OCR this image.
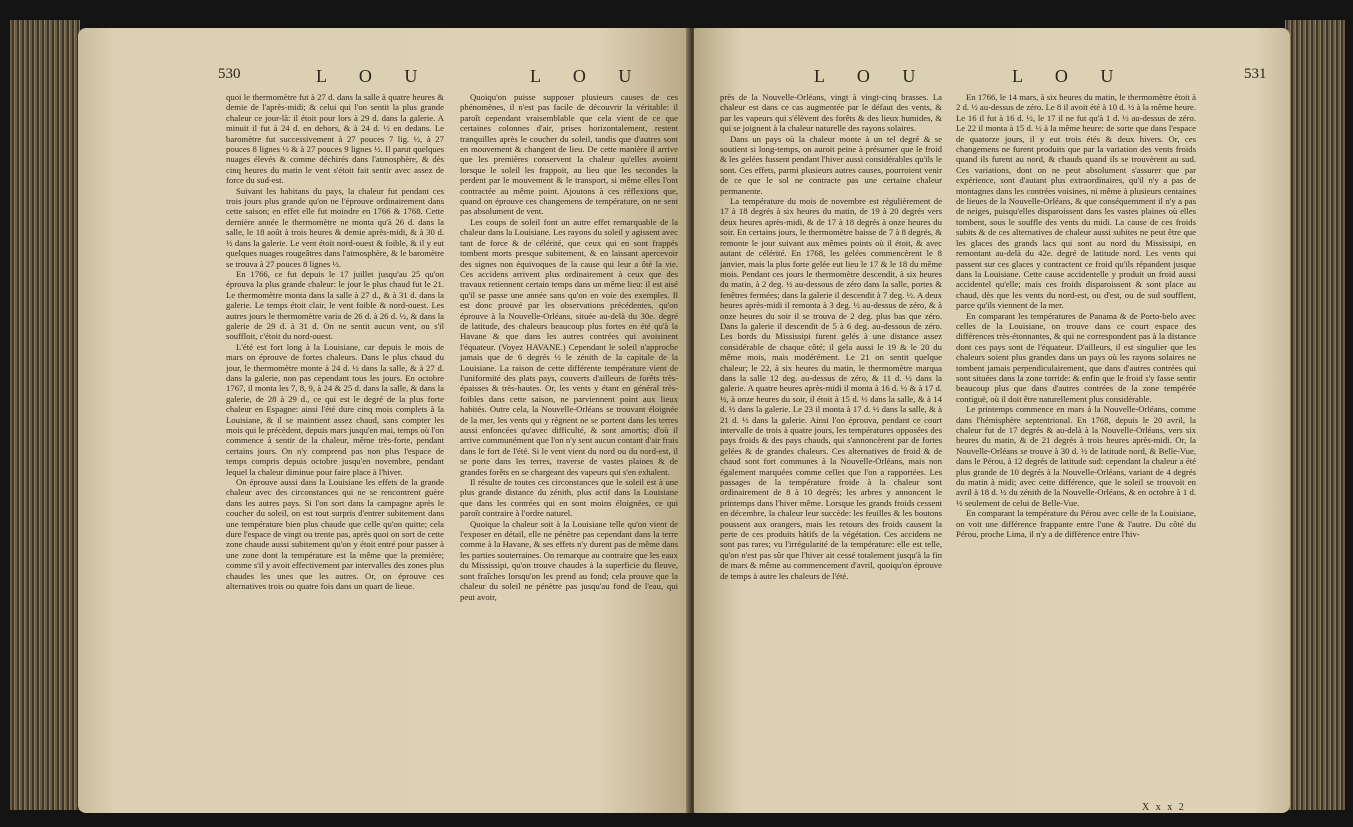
530	L O U	L O U

quoi le thermomètre fut à 27 d. dans la salle à quatre heures & demie de l'après-midi; & celui qui l'on sentit la plus grande chaleur ce jour-là: il étoit pour lors à 29 d. dans la galerie. A minuit il fut à 24 d. en dehors, & à 24 d. ½ en dedans. Le baromètre fut successivement à 27 pouces 7 lig. ½, à 27 pouces 8 lignes ½ & à 27 pouces 9 lignes ½. Il parut quelques nuages élevés & comme déchirés dans l'atmosphère, & dès cinq heures du matin le vent s'étoit fait sentir avec assez de force du sud-est.

Suivant les habitans du pays, la chaleur fut pendant ces trois jours plus grande qu'on ne l'éprouve ordinairement dans cette saison; en effet elle fut moindre en 1766 & 1768. Cette dernière année le thermomètre ne monta qu'à 26 d. dans la salle, le 18 août à trois heures & demie après-midi, & à 30 d. ½ dans la galerie. Le vent étoit nord-ouest & foible, & il y eut quelques nuages rougeâtres dans l'atmosphère, & le baromètre se trouva à 27 pouces 8 lignes ½.

En 1766, ce fut depuis le 17 juillet jusqu'au 25 qu'on éprouva la plus grande chaleur: le jour le plus chaud fut le 21. Le thermomètre monta dans la salle à 27 d., & à 31 d. dans la galerie. Le temps étoit clair, le vent foible & nord-ouest. Les autres jours le thermomètre varia de 26 d. à 26 d. ½, & dans la galerie de 29 d. à 31 d. On ne sentit aucun vent, ou s'il souffloit, c'étoit du nord-ouest.

L'été est fort long à la Louisiane, car depuis le mois de mars on éprouve de fortes chaleurs. Dans le plus chaud du jour, le thermomètre monte à 24 d. ½ dans la salle, & à 27 d. dans la galerie, non pas cependant tous les jours. En octobre 1767, il monta les 7, 8, 9, à 24 & 25 d. dans la salle, & dans la galerie, de 28 à 29 d., ce qui est le degré de la plus forte chaleur en Espagne: ainsi l'été dure cinq mois complets à la Louisiane, & il se maintient assez chaud, sans compter les mois qui le précèdent, depuis mars jusqu'en mai, temps où l'on commence à sentir de la chaleur, même très-forte, pendant certains jours. On n'y comprend pas non plus l'espace de temps compris depuis octobre jusqu'en novembre, pendant lequel la chaleur diminue pour faire place à l'hiver.

On éprouve aussi dans la Louisiane les effets de la grande chaleur avec des circonstances qui ne se rencontrent guère dans les autres pays. Si l'on sort dans la campagne après le coucher du soleil, on est tout surpris d'entrer subitement dans une température bien plus chaude que celle qu'on quitte; cela dure l'espace de vingt ou trente pas, après quoi on sort de cette zone chaude aussi subitement qu'on y étoit entré pour passer à une zone dont la température est la même que la première; comme s'il y avoit effectivement par intervalles des zones plus chaudes les unes que les autres. Or, on éprouve ces alternatives trois ou quatre fois dans un quart de lieue.

Quoiqu'on puisse supposer plusieurs causes de ces phénomènes, il n'est pas facile de découvrir la véritable: il paroît cependant vraisemblable que cela vient de ce que certaines colonnes d'air, prises horizontalement, restent tranquilles après le coucher du soleil, tandis que d'autres sont en mouvement & changent de lieu. De cette manière il arrive que les premières conservent la chaleur qu'elles avoient lorsque le soleil les frappoit, au lieu que les secondes la perdent par le mouvement & le transport, si même elles l'ont contractée au même point. Ajoutons à ces réflexions que, quand on éprouve ces changemens de température, on ne sent pas absolument de vent.

Les coups de soleil font un autre effet remarquable de la chaleur dans la Louisiane. Les rayons du soleil y agissent avec tant de force & de célérité, que ceux qui en sont frappés tombent morts presque subitement, & en laissant apercevoir des signes non équivoques de la cause qui leur a ôté la vie. Ces accidens arrivent plus ordinairement à ceux que des travaux retiennent certain temps dans un même lieu: il est aisé qu'il se passe une année sans qu'on en voie des exemples. Il est donc prouvé par les observations précédentes, qu'on éprouve à la Nouvelle-Orléans, située au-delà du 30e. degré de latitude, des chaleurs beaucoup plus fortes en été qu'à la Havane & que dans les autres contrées qui avoisinent l'équateur. (Voyez HAVANE.) Cependant le soleil n'approche jamais que de 6 degrés ½ le zénith de la capitale de la Louisiane. La raison de cette différente température vient de l'uniformité des plats pays, couverts d'ailleurs de forêts très-épaisses & très-hautes. Or, les vents y étant en général très-foibles dans cette saison, ne parviennent point aux lieux habités. Outre cela, la Nouvelle-Orléans se trouvant éloignée de la mer, les vents qui y règnent ne se portent dans les terres aussi enfoncées qu'avec difficulté, & sont amortis; d'où il arrive communément que l'on n'y sent aucun contant d'air frais dans le fort de l'été. Si le vent vient du nord ou du nord-est, il se porte dans les terres, traverse de vastes plaines & de grandes forêts en se chargeant des vapeurs qui s'en exhalent.

Il résulte de toutes ces circonstances que le soleil est à une plus grande distance du zénith, plus actif dans la Louisiane que dans les contrées qui en sont moins éloignées, ce qui paroît contraire à l'ordre naturel.

Quoique la chaleur soit à la Louisiane telle qu'on vient de l'exposer en détail, elle ne pénètre pas cependant dans la terre comme à la Havane, & ses effets n'y durent pas de même dans les parties souterraines. On remarque au contraire que les eaux du Mississipi, qu'on trouve chaudes à la superficie du fleuve, sont fraîches lorsqu'on les prend au fond; cela prouve que la chaleur du soleil ne pénètre pas jusqu'au fond de l'eau, qui peut avoir,

L O U	L O U	531

près de la Nouvelle-Orléans, vingt à vingt-cinq brasses. La chaleur est dans ce cas augmentée par le défaut des vents, & par les vapeurs qui s'élèvent des forêts & des lieux humides, & qui se joignent à la chaleur naturelle des rayons solaires.

Dans un pays où la chaleur monte à un tel degré & se soutient si long-temps, on auroit peine à présumer que le froid & les gelées fussent pendant l'hiver aussi considérables qu'ils le sont. Ces effets, parmi plusieurs autres causes, pourroient venir de ce que le sol ne contracte pas une certaine chaleur permanente.

La température du mois de novembre est régulièrement de 17 à 18 degrés à six heures du matin, de 19 à 20 degrés vers deux heures après-midi, & de 17 à 18 degrés à onze heures du soir. En certains jours, le thermomètre baisse de 7 à 8 degrés, & remonte le jour suivant aux mêmes points où il étoit, & avec autant de célérité. En 1768, les gelées commencèrent le 8 janvier, mais la plus forte gelée eut lieu le 17 & le 18 du même mois. Pendant ces jours le thermomètre descendit, à six heures du matin, à 2 deg. ½ au-dessous de zéro dans la salle, portes & fenêtres fermées; dans la galerie il descendit à 7 deg. ½. A deux heures après-midi il remonta à 3 deg. ½ au-dessus de zéro, & à onze heures du soir il se trouva de 2 deg. plus bas que zéro. Dans la galerie il descendit de 5 à 6 deg. au-dessous de zéro. Les bords du Mississipi furent gelés à une distance assez considérable de chaque côté; il gela aussi le 19 & le 20 du même mois, mais modérément. Le 21 on sentit quelque chaleur; le 22, à six heures du matin, le thermomètre marqua dans la salle 12 deg. au-dessus de zéro, & 11 d. ½ dans la galerie. A quatre heures après-midi il monta à 16 d. ½ & à 17 d. ½, à onze heures du soir, il étoit à 15 d. ½ dans la salle, & à 14 d. ½ dans la galerie. Le 23 il monta à 17 d. ½ dans la salle, & à 21 d. ½ dans la galerie. Ainsi l'on éprouva, pendant ce court intervalle de trois à quatre jours, les températures opposées des pays froids & des pays chauds, qui s'annoncèrent par de fortes gelées & de grandes chaleurs. Ces alternatives de froid & de chaud sont fort communes à la Nouvelle-Orléans, mais non également marquées comme celles que l'on a rapportées. Les passages de la température froide à la chaleur sont ordinairement de 8 à 10 degrés; les arbres y annoncent le printemps dans l'hiver même. Lorsque les grands froids cessent en décembre, la chaleur leur succède: les feuilles & les boutons poussent aux orangers, mais les retours des froids causent la perte de ces produits hâtifs de la végétation. Ces accidens ne sont pas rares; vu l'irrégularité de la température: elle est telle, qu'on n'est pas sûr que l'hiver ait cessé totalement jusqu'à la fin de mars & même au commencement d'avril, quoiqu'on éprouve de temps à autre les chaleurs de l'été.

En 1766, le 14 mars, à six heures du matin, le thermomètre étoit à 2 d. ½ au-dessus de zéro. Le 8 il avoit été à 10 d. ½ à la même heure. Le 16 il fut à 16 d. ½, le 17 il ne fut qu'à 1 d. ½ au-dessus de zéro. Le 22 il monta à 15 d. ½ à la même heure: de sorte que dans l'espace de quatorze jours, il y eut trois étés & deux hivers. Or, ces changemens ne furent produits que par la variation des vents froids quand ils furent au nord, & chauds quand ils se trouvèrent au sud. Ces variations, dont on ne peut absolument s'assurer que par expérience, sont d'autant plus extraordinaires, qu'il n'y a pas de montagnes dans les contrées voisines, ni même à plusieurs centaines de lieues de la Nouvelle-Orléans, & que conséquemment il n'y a pas de neiges, puisqu'elles disparoissent dans les vastes plaines où elles tombent, sous le souffle des vents du midi. La cause de ces froids subits & de ces alternatives de chaleur aussi subites ne peut être que les glaces des grands lacs qui sont au nord du Mississipi, en remontant au-delà du 42e. degré de latitude nord. Les vents qui passent sur ces glaces y contractent ce froid qu'ils répandent jusque dans la Louisiane. Cette cause accidentelle y produit un froid aussi accidentel qu'elle; mais ces froids disparoissent & sont place au chaud, dès que les vents du nord-est, ou d'est, ou de sud soufflent, parce qu'ils viennent de la mer.

En comparant les températures de Panama & de Porto-belo avec celles de la Louisiane, on trouve dans ce court espace des différences très-étonnantes, & qui ne correspondent pas à la distance dont ces pays sont de l'équateur. D'ailleurs, il est singulier que les chaleurs soient plus grandes dans un pays où les rayons solaires ne tombent jamais perpendiculairement, que dans d'autres contrées qui sont situées dans la zone torride: & enfin que le froid s'y fasse sentir beaucoup plus que dans d'autres contrées de la zone tempérée contiguë, où il doit être naturellement plus considérable.

Le printemps commence en mars à la Nouvelle-Orléans, comme dans l'hémisphère septentrional. En 1768, depuis le 20 avril, la chaleur fut de 17 degrés & au-delà à la Nouvelle-Orléans, vers six heures du matin, & de 21 degrés à trois heures après-midi. Or, la Nouvelle-Orléans se trouve à 30 d. ½ de latitude nord, & Belle-Vue, dans le Pérou, à 12 degrés de latitude sud: cependant la chaleur a été plus grande de 10 degrés à la Nouvelle-Orléans, variant de 4 degrés du matin à midi; avec cette différence, que le soleil se trouvoit en avril à 18 d. ½ du zénith de la Nouvelle-Orléans, & en octobre à 1 d. ½ seulement de celui de Belle-Vue.

En comparant la température du Pérou avec celle de la Louisiane, on voit une différence frappante entre l'une & l'autre. Du côté du Pérou, proche Lima, il n'y a de différence entre l'hiv-

X x x 2
